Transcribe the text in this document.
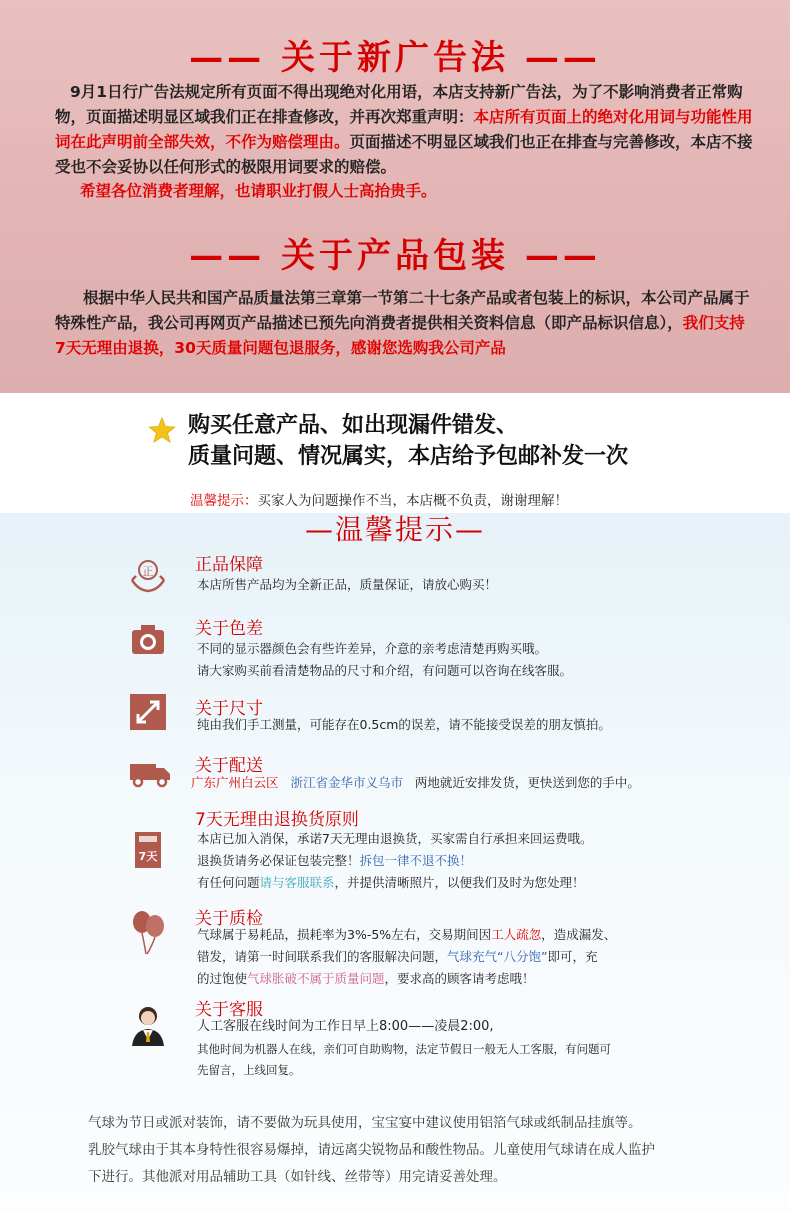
—— 关于新广告法 ——
9月1日行广告法规定所有页面不得出现绝对化用语，本店支持新广告法，为了不影响消费者正常购物，页面描述明显区域我们正在排查修改，并再次郑重声明：本店所有页面上的绝对化用词与功能性用词在此声明前全部失效，不作为赔偿理由。页面描述不明显区域我们也正在排查与完善修改，本店不接受也不会妥协以任何形式的极限用词要求的赔偿。
希望各位消费者理解，也请职业打假人士高抬贵手。
—— 关于产品包装 ——
根据中华人民共和国产品质量法第三章第一节第二十七条产品或者包装上的标识，本公司产品属于特殊性产品，我公司再网页产品描述已预先向消费者提供相关资料信息（即产品标识信息），我们支持7天无理由退换，30天质量问题包退服务，感谢您选购我公司产品
购买任意产品、如出现漏件错发、
质量问题、情况属实，本店给予包邮补发一次
温馨提示：买家人为问题操作不当，本店概不负责，谢谢理解！
—温馨提示—
正 正品保障
本店所售产品均为全新正品，质量保证，请放心购买！
关于色差
不同的显示器颜色会有些许差异，介意的亲考虑清楚再购买哦。
请大家购买前看清楚物品的尺寸和介绍，有问题可以咨询在线客服。
关于尺寸
纯由我们手工测量，可能存在0.5cm的误差，请不能接受误差的朋友慎拍。
关于配送
广东广州白云区 浙江省金华市义乌市 两地就近安排发货，更快送到您的手中。
7天
7天无理由退换货原则
本店已加入消保，承诺7天无理由退换货，买家需自行承担来回运费哦。
退换货请务必保证包装完整！拆包一律不退不换！
有任何问题请与客服联系，并提供清晰照片，以便我们及时为您处理！
关于质检
气球属于易耗品，损耗率为3%-5%左右，交易期间因工人疏忽，造成漏发、
错发，请第一时间联系我们的客服解决问题，气球充气“八分饱”即可，充
的过饱使气球胀破不属于质量问题，要求高的顾客请考虑哦！
关于客服
人工客服在线时间为工作日早上8:00——凌晨2:00,
其他时间为机器人在线，亲们可自助购物，法定节假日一般无人工客服，有问题可
先留言，上线回复。
气球为节日或派对装饰，请不要做为玩具使用，宝宝宴中建议使用铝箔气球或纸制品挂旗等。
乳胶气球由于其本身特性很容易爆掉，请远离尖锐物品和酸性物品。儿童使用气球请在成人监护
下进行。其他派对用品辅助工具（如针线、丝带等）用完请妥善处理。
